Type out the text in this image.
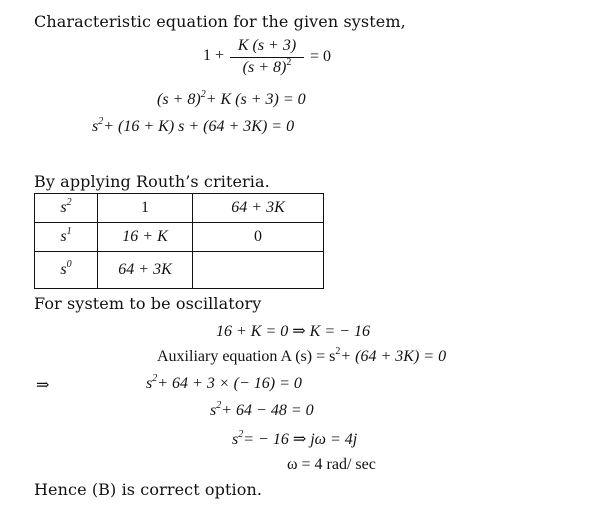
Characteristic equation for the given system,
1 +
K (s + 3)
$(s + 8)^2$	= 0
$(s + 8)^2+ K$ (s + 3) = 0
$s^2+ (16 + K) s + (64 + 3K) = 0$
By applying Routh’s criteria.
$s^2$	1	64 + 3K
$s^1$	16 + K	0
$s^0$	64 + 3K	
For system to be oscillatory
16 + K = 0 ⇒ K = − 16
Auxiliary equation A $(s) = s^2+ (64 + 3K) = 0$
⇒	$s^2+ 64 + 3$ × (− 16) = 0
$s^2+ 64 - 48 = 0$
$s^2= - 16$ ⇒ jω = 4j
ω = 4 rad/ sec
Hence (B) is correct option.
